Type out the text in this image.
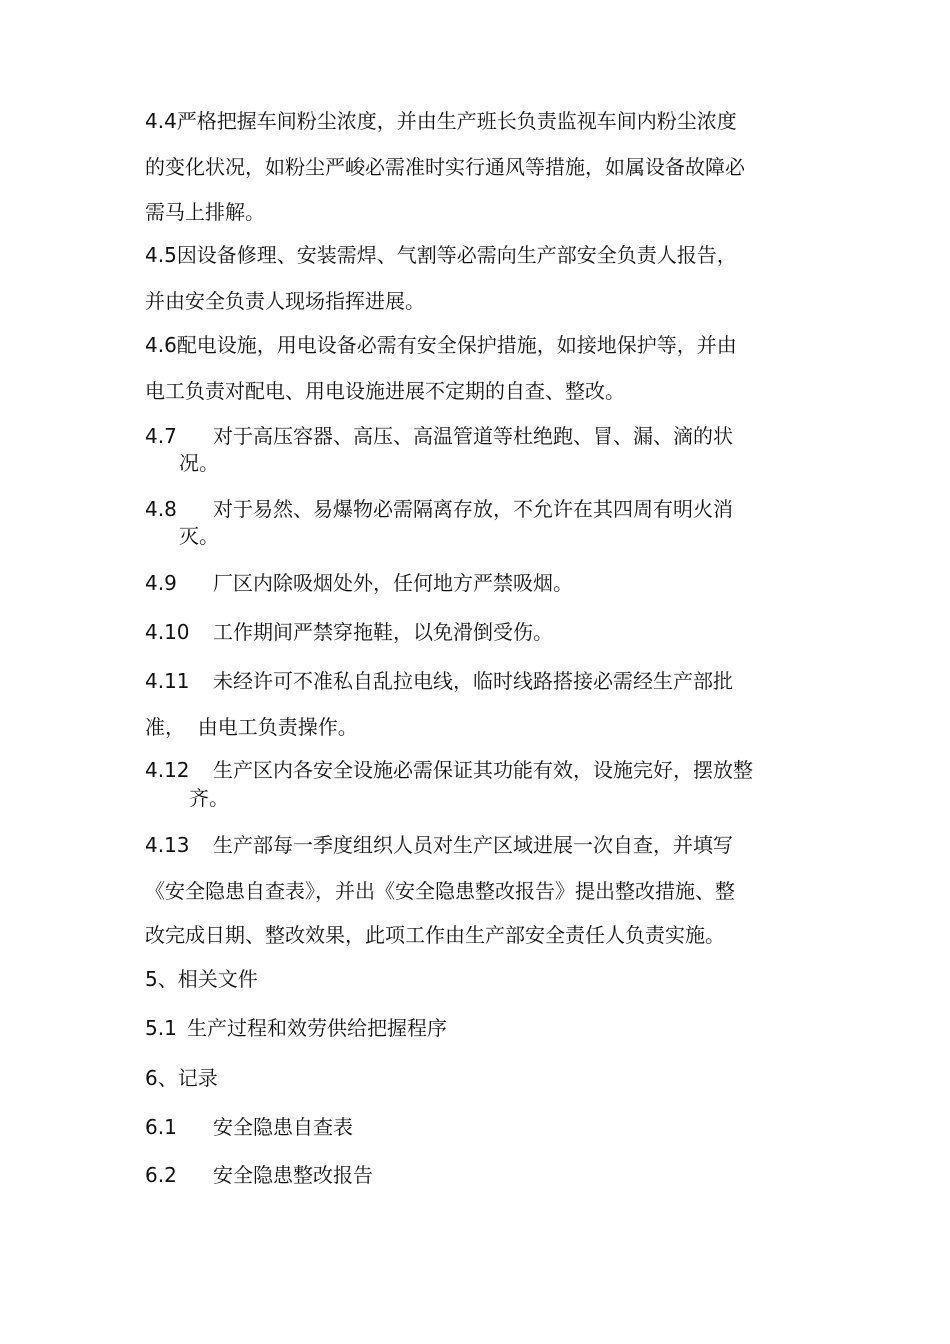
4.4严格把握车间粉尘浓度，并由生产班长负责监视车间内粉尘浓度
的变化状况，如粉尘严峻必需准时实行通风等措施，如属设备故障必
需马上排解。
4.5因设备修理、安装需焊、气割等必需向生产部安全负责人报告，
并由安全负责人现场指挥进展。
4.6配电设施，用电设备必需有安全保护措施，如接地保护等，并由
电工负责对配电、用电设施进展不定期的自查、整改。
4.7 对于高压容器、高压、高温管道等杜绝跑、冒、漏、滴的状
况。
4.8 对于易然、易爆物必需隔离存放，不允许在其四周有明火消
灭。
4.9 厂区内除吸烟处外，任何地方严禁吸烟。
4.10 工作期间严禁穿拖鞋，以免滑倒受伤。
4.11 未经许可不准私自乱拉电线，临时线路搭接必需经生产部批
准，  由电工负责操作。
4.12 生产区内各安全设施必需保证其功能有效，设施完好，摆放整
齐。
4.13 生产部每一季度组织人员对生产区域进展一次自查，并填写
《安全隐患自查表》，并出《安全隐患整改报告》提出整改措施、整
改完成日期、整改效果，此项工作由生产部安全责任人负责实施。
5、相关文件
5.1 生产过程和效劳供给把握程序
6、记录
6.1 安全隐患自查表
6.2 安全隐患整改报告
